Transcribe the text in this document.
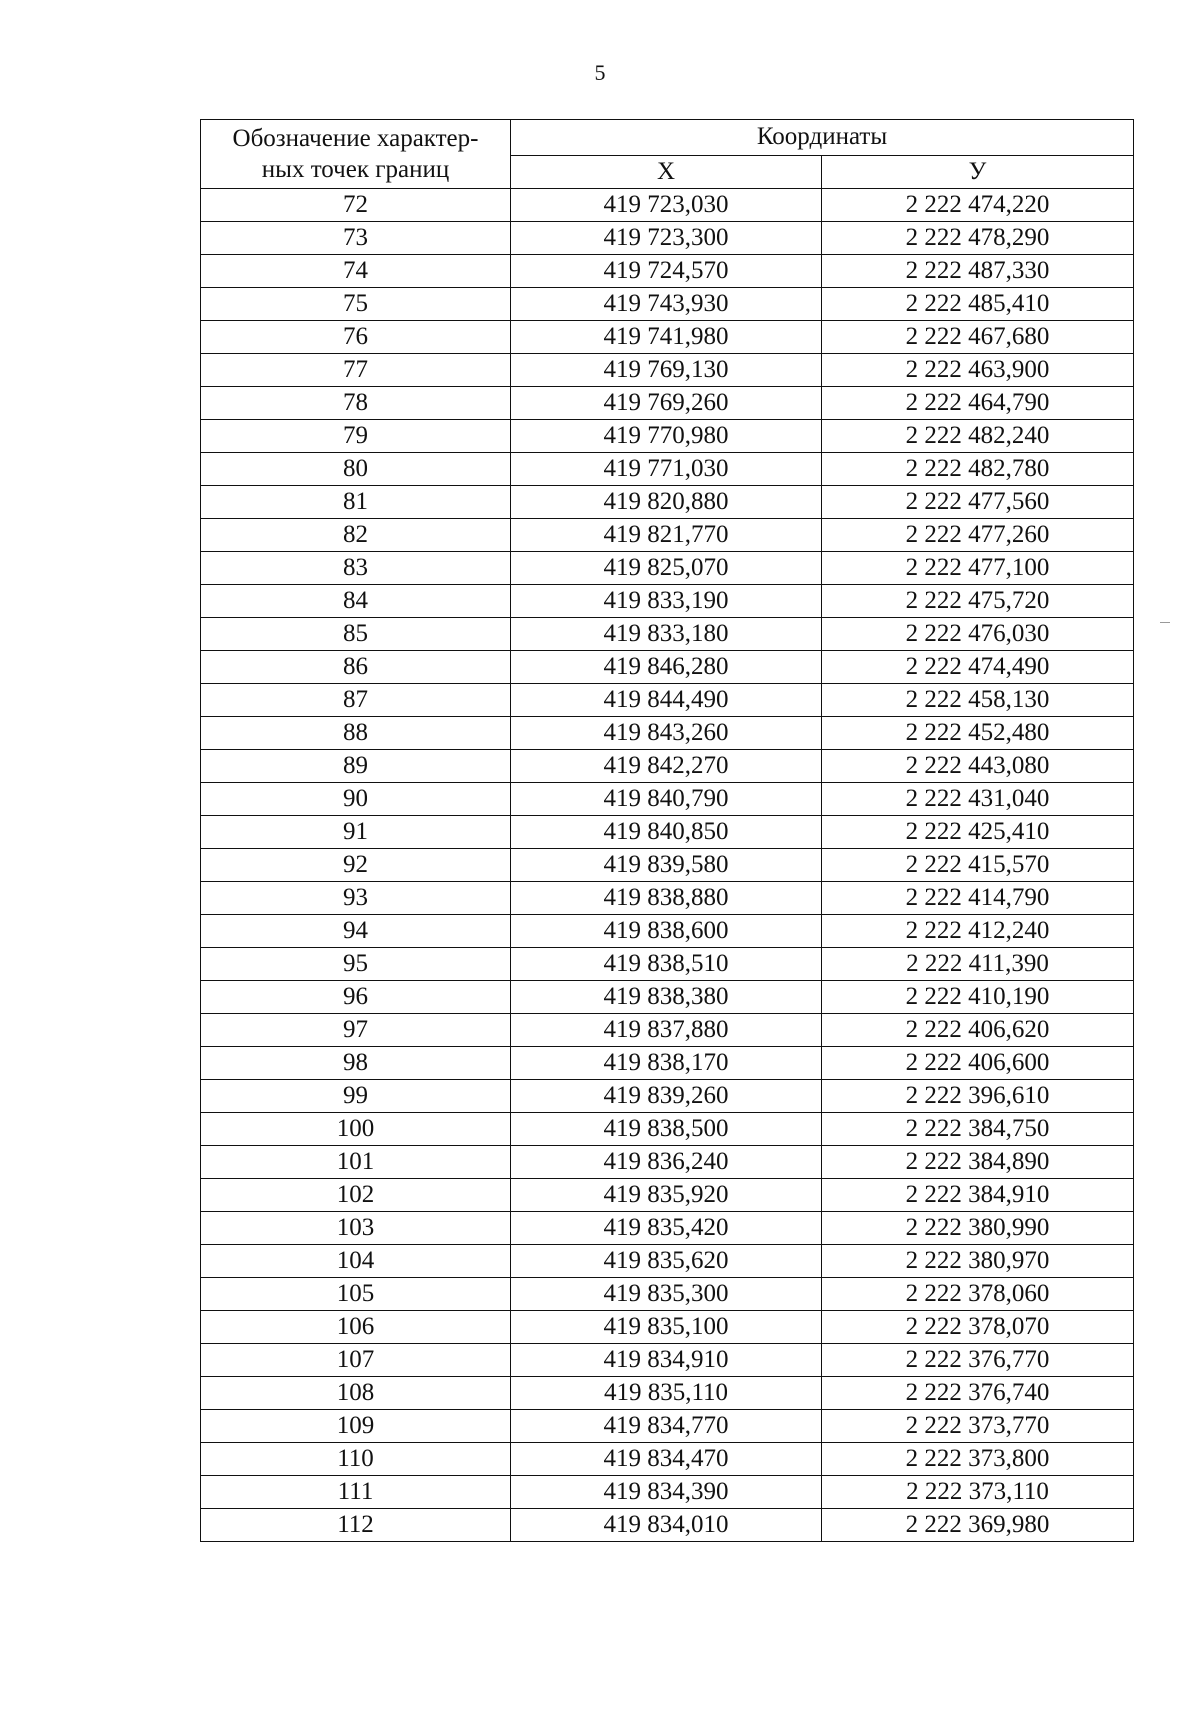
5
Обозначение характер-
ных точек границ	Координаты	
	Х	У
72	419 723,030	2 222 474,220
73	419 723,300	2 222 478,290
74	419 724,570	2 222 487,330
75	419 743,930	2 222 485,410
76	419 741,980	2 222 467,680
77	419 769,130	2 222 463,900
78	419 769,260	2 222 464,790
79	419 770,980	2 222 482,240
80	419 771,030	2 222 482,780
81	419 820,880	2 222 477,560
82	419 821,770	2 222 477,260
83	419 825,070	2 222 477,100
84	419 833,190	2 222 475,720
85	419 833,180	2 222 476,030
86	419 846,280	2 222 474,490
87	419 844,490	2 222 458,130
88	419 843,260	2 222 452,480
89	419 842,270	2 222 443,080
90	419 840,790	2 222 431,040
91	419 840,850	2 222 425,410
92	419 839,580	2 222 415,570
93	419 838,880	2 222 414,790
94	419 838,600	2 222 412,240
95	419 838,510	2 222 411,390
96	419 838,380	2 222 410,190
97	419 837,880	2 222 406,620
98	419 838,170	2 222 406,600
99	419 839,260	2 222 396,610
100	419 838,500	2 222 384,750
101	419 836,240	2 222 384,890
102	419 835,920	2 222 384,910
103	419 835,420	2 222 380,990
104	419 835,620	2 222 380,970
105	419 835,300	2 222 378,060
106	419 835,100	2 222 378,070
107	419 834,910	2 222 376,770
108	419 835,110	2 222 376,740
109	419 834,770	2 222 373,770
110	419 834,470	2 222 373,800
111	419 834,390	2 222 373,110
112	419 834,010	2 222 369,980
